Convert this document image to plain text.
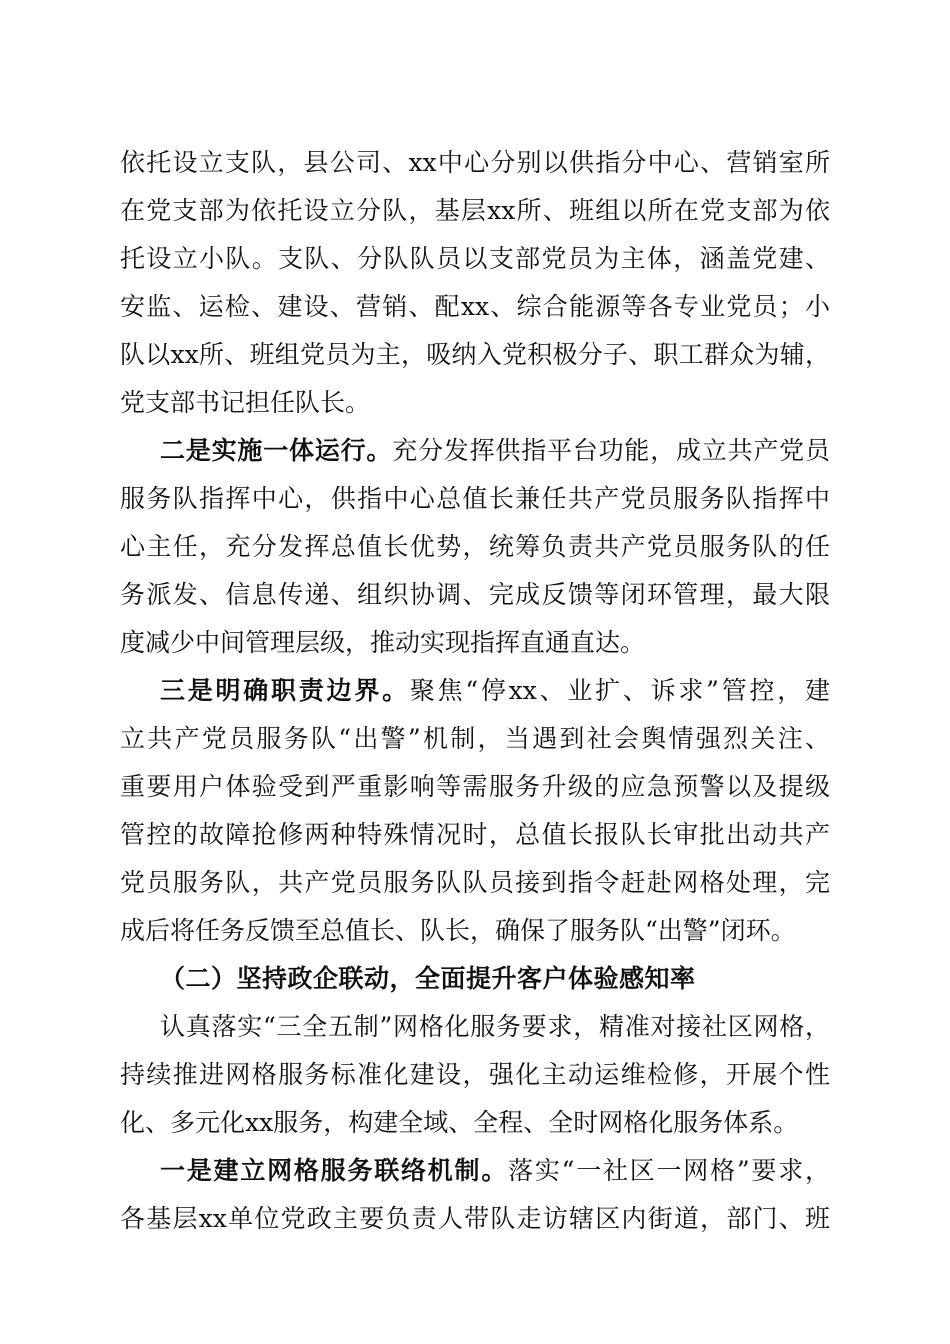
依托设立支队，县公司、xx中心分别以供指分中心、营销室所
在党支部为依托设立分队，基层xx所、班组以所在党支部为依
托设立小队。支队、分队队员以支部党员为主体，涵盖党建、
安监、运检、建设、营销、配xx、综合能源等各专业党员；小
队以xx所、班组党员为主，吸纳入党积极分子、职工群众为辅，
党支部书记担任队长。
二是实施一体运行。充分发挥供指平台功能，成立共产党员
服务队指挥中心，供指中心总值长兼任共产党员服务队指挥中
心主任，充分发挥总值长优势，统筹负责共产党员服务队的任
务派发、信息传递、组织协调、完成反馈等闭环管理，最大限
度减少中间管理层级，推动实现指挥直通直达。
三是明确职责边界。聚焦“停xx、业扩、诉求”管控，建
立共产党员服务队“出警”机制，当遇到社会舆情强烈关注、
重要用户体验受到严重影响等需服务升级的应急预警以及提级
管控的故障抢修两种特殊情况时，总值长报队长审批出动共产
党员服务队，共产党员服务队队员接到指令赶赴网格处理，完
成后将任务反馈至总值长、队长，确保了服务队“出警”闭环。
（二）坚持政企联动，全面提升客户体验感知率
认真落实“三全五制”网格化服务要求，精准对接社区网格，
持续推进网格服务标准化建设，强化主动运维检修，开展个性
化、多元化xx服务，构建全域、全程、全时网格化服务体系。
一是建立网格服务联络机制。落实“一社区一网格”要求，
各基层xx单位党政主要负责人带队走访辖区内街道，部门、班
